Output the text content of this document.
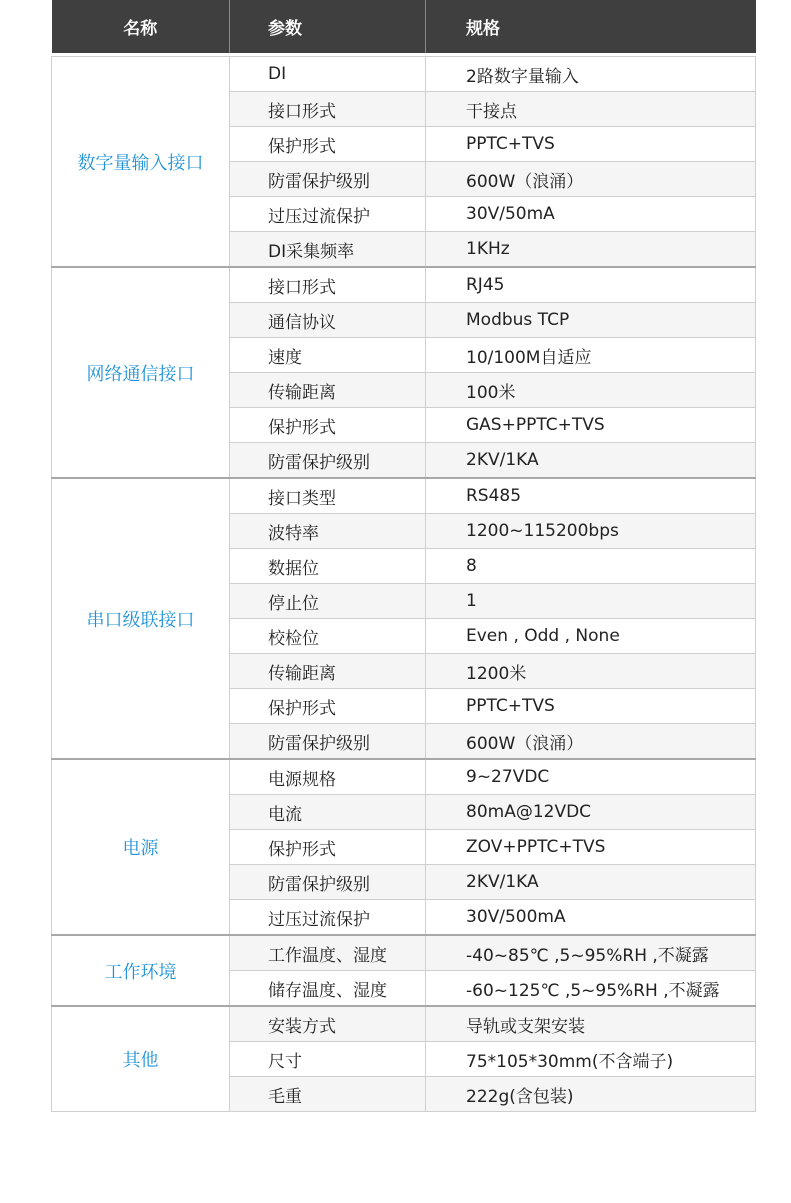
名称	参数	规格

数字量输入接口	DI	2路数字量输入
	接口形式	干接点
	保护形式	PPTC+TVS
	防雷保护级别	600W（浪涌）
	过压过流保护	30V/50mA
	DI采集频率	1KHz
网络通信接口	接口形式	RJ45
	通信协议	Modbus TCP
	速度	10/100M自适应
	传输距离	100米
	保护形式	GAS+PPTC+TVS
	防雷保护级别	2KV/1KA
串口级联接口	接口类型	RS485
	波特率	1200~115200bps
	数据位	8
	停止位	1
	校检位	Even , Odd , None
	传输距离	1200米
	保护形式	PPTC+TVS
	防雷保护级别	600W（浪涌）
电源	电源规格	9~27VDC
	电流	80mA@12VDC
	保护形式	ZOV+PPTC+TVS
	防雷保护级别	2KV/1KA
	过压过流保护	30V/500mA
工作环境	工作温度、湿度	-40~85℃ ,5~95%RH ,不凝露
	储存温度、湿度	-60~125℃ ,5~95%RH ,不凝露
其他	安装方式	导轨或支架安装
	尺寸	75*105*30mm(不含端子)
	毛重	222g(含包装)
